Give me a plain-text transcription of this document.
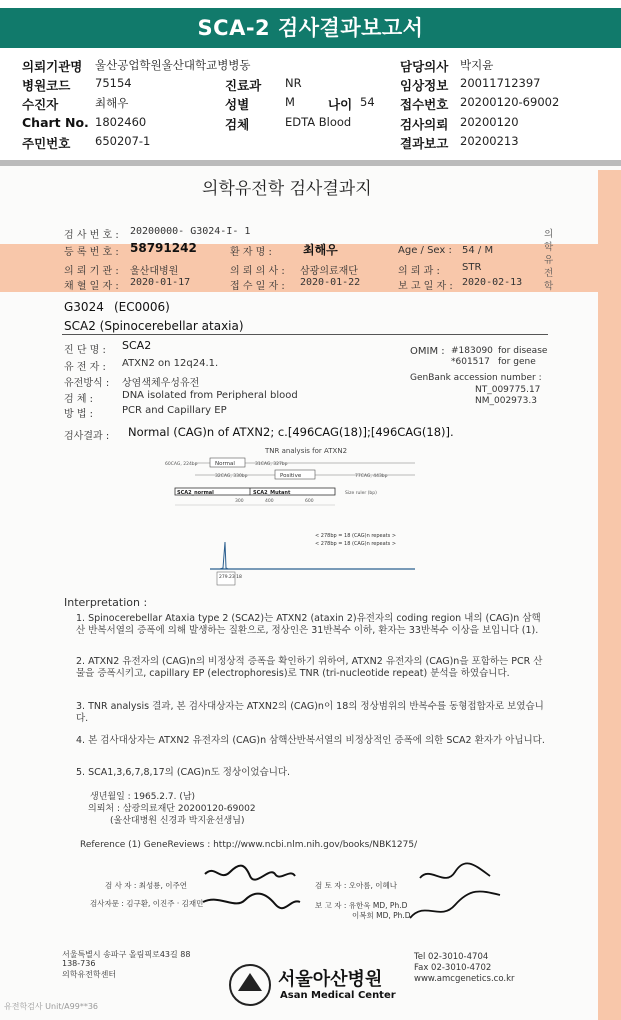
SCA-2 검사결과보고서
의뢰기관명 울산공업학원울산대학교병병동
병원코드 75154
수진자	최해우
Chart No. 1802460
주민번호 650207-1
진료과 NR
성별	M	나이 54
검체	EDTA Blood
담당의사 박지윤
임상정보 20011712397
접수번호 20200120-69002
검사의뢰 20200120
결과보고 20200213
의학유전학 검사결과지
검 사 번 호 : 20200000- G3024-I- 1
등 록 번 호 : 58791242	환 자 명 :	최해우	Age / Sex : 54 / M
의 뢰 기 관 : 울산대병원	의 뢰 의 사 : 삼광의료재단	의 뢰 과 : STR
채 혈 일 자 : 2020-01-17	접 수 일 자 : 2020-01-22	보 고 일 자 : 2020-02-13
의학유전학
G3024 (EC0006)
SCA2 (Spinocerebellar ataxia)
진 단 명 : SCA2
유 전 자 : ATXN2 on 12q24.1.
유전방식 : 상염색체우성유전
검 체 :	DNA isolated from Peripheral blood
방 법 :	PCR and Capillary EP
OMIM : #183090 for disease
*601517 for gene
GenBank accession number :
NT_009775.17
NM_002973.3
검사결과 : Normal (CAG)n of ATXN2; c.[496CAG(18)];[496CAG(18)].
TNR analysis for ATXN2
Normal
60CAG, 224bp	31CAG, 327bp
Positive
32CAG, 330bp	77CAG, 443bp
SCA2_normal	SCA2_Mutant	Size ruler (bp)
300	400	600
< 278bp = 18 (CAG)n repeats >
< 278bp = 18 (CAG)n repeats >
279.23 18
Interpretation :
1. Spinocerebellar Ataxia type 2 (SCA2)는 ATXN2 (ataxin 2)유전자의 coding region 내의 (CAG)n 삼핵산 반복서열의 증폭에 의해 발생하는 질환으로, 정상인은 31반복수 이하, 환자는 33반복수 이상을 보입니다 (1).
2. ATXN2 유전자의 (CAG)n의 비정상적 증폭을 확인하기 위하여, ATXN2 유전자의 (CAG)n을 포함하는 PCR 산물을 증폭시키고, capillary EP (electrophoresis)로 TNR (tri-nucleotide repeat) 분석을 하였습니다.
3. TNR analysis 결과, 본 검사대상자는 ATXN2의 (CAG)n이 18의 정상범위의 반복수를 동형접합자로 보였습니다.
4. 본 검사대상자는 ATXN2 유전자의 (CAG)n 삼핵산반복서열의 비정상적인 증폭에 의한 SCA2 환자가 아닙니다.
5. SCA1,3,6,7,8,17의 (CAG)n도 정상이었습니다.
생년월일 : 1965.2.7. (남)
의뢰처 : 삼광의료재단 20200120-69002
(울산대병원 신경과 박지윤선생님)
Reference (1) GeneReviews : http://www.ncbi.nlm.nih.gov/books/NBK1275/
검 사 자 : 최성룡, 이주연
검사자문 : 김구환, 이진주 · 김재민
검 토 자 : 오아름, 이혜나
보 고 자 : 유한욱 MD, Ph.D
이복희 MD, Ph.D
서울특별시 송파구 올림픽로43길 88
138-736
의학유전학센터	서울아산병원
Asan Medical Center
Tel 02-3010-4704
Fax 02-3010-4702
www.amcgenetics.co.kr
유전학검사 Unit/A99**36
